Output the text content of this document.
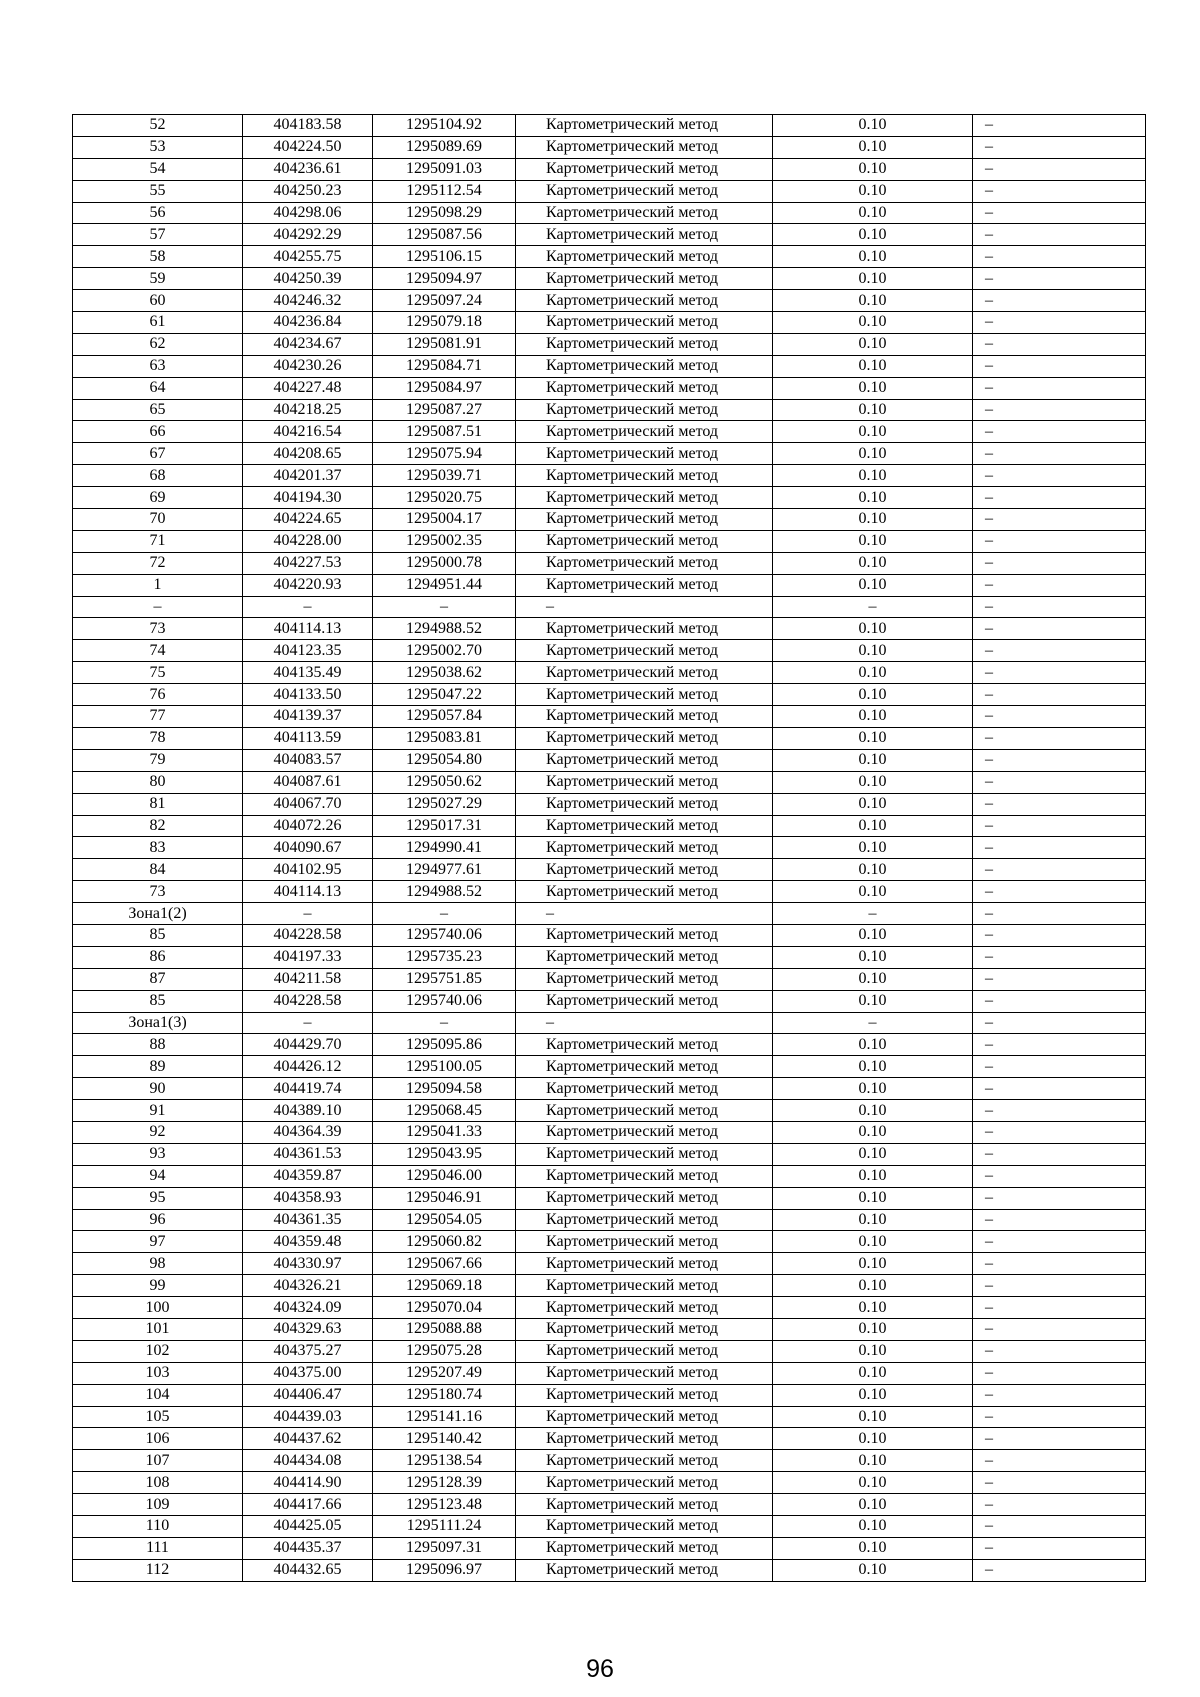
52	404183.58	1295104.92	Картометрический метод	0.10	–
53	404224.50	1295089.69	Картометрический метод	0.10	–
54	404236.61	1295091.03	Картометрический метод	0.10	–
55	404250.23	1295112.54	Картометрический метод	0.10	–
56	404298.06	1295098.29	Картометрический метод	0.10	–
57	404292.29	1295087.56	Картометрический метод	0.10	–
58	404255.75	1295106.15	Картометрический метод	0.10	–
59	404250.39	1295094.97	Картометрический метод	0.10	–
60	404246.32	1295097.24	Картометрический метод	0.10	–
61	404236.84	1295079.18	Картометрический метод	0.10	–
62	404234.67	1295081.91	Картометрический метод	0.10	–
63	404230.26	1295084.71	Картометрический метод	0.10	–
64	404227.48	1295084.97	Картометрический метод	0.10	–
65	404218.25	1295087.27	Картометрический метод	0.10	–
66	404216.54	1295087.51	Картометрический метод	0.10	–
67	404208.65	1295075.94	Картометрический метод	0.10	–
68	404201.37	1295039.71	Картометрический метод	0.10	–
69	404194.30	1295020.75	Картометрический метод	0.10	–
70	404224.65	1295004.17	Картометрический метод	0.10	–
71	404228.00	1295002.35	Картометрический метод	0.10	–
72	404227.53	1295000.78	Картометрический метод	0.10	–
1	404220.93	1294951.44	Картометрический метод	0.10	–
–	–	–	–	–	–
73	404114.13	1294988.52	Картометрический метод	0.10	–
74	404123.35	1295002.70	Картометрический метод	0.10	–
75	404135.49	1295038.62	Картометрический метод	0.10	–
76	404133.50	1295047.22	Картометрический метод	0.10	–
77	404139.37	1295057.84	Картометрический метод	0.10	–
78	404113.59	1295083.81	Картометрический метод	0.10	–
79	404083.57	1295054.80	Картометрический метод	0.10	–
80	404087.61	1295050.62	Картометрический метод	0.10	–
81	404067.70	1295027.29	Картометрический метод	0.10	–
82	404072.26	1295017.31	Картометрический метод	0.10	–
83	404090.67	1294990.41	Картометрический метод	0.10	–
84	404102.95	1294977.61	Картометрический метод	0.10	–
73	404114.13	1294988.52	Картометрический метод	0.10	–
Зона1(2)	–	–	–	–	–
85	404228.58	1295740.06	Картометрический метод	0.10	–
86	404197.33	1295735.23	Картометрический метод	0.10	–
87	404211.58	1295751.85	Картометрический метод	0.10	–
85	404228.58	1295740.06	Картометрический метод	0.10	–
Зона1(3)	–	–	–	–	–
88	404429.70	1295095.86	Картометрический метод	0.10	–
89	404426.12	1295100.05	Картометрический метод	0.10	–
90	404419.74	1295094.58	Картометрический метод	0.10	–
91	404389.10	1295068.45	Картометрический метод	0.10	–
92	404364.39	1295041.33	Картометрический метод	0.10	–
93	404361.53	1295043.95	Картометрический метод	0.10	–
94	404359.87	1295046.00	Картометрический метод	0.10	–
95	404358.93	1295046.91	Картометрический метод	0.10	–
96	404361.35	1295054.05	Картометрический метод	0.10	–
97	404359.48	1295060.82	Картометрический метод	0.10	–
98	404330.97	1295067.66	Картометрический метод	0.10	–
99	404326.21	1295069.18	Картометрический метод	0.10	–
100	404324.09	1295070.04	Картометрический метод	0.10	–
101	404329.63	1295088.88	Картометрический метод	0.10	–
102	404375.27	1295075.28	Картометрический метод	0.10	–
103	404375.00	1295207.49	Картометрический метод	0.10	–
104	404406.47	1295180.74	Картометрический метод	0.10	–
105	404439.03	1295141.16	Картометрический метод	0.10	–
106	404437.62	1295140.42	Картометрический метод	0.10	–
107	404434.08	1295138.54	Картометрический метод	0.10	–
108	404414.90	1295128.39	Картометрический метод	0.10	–
109	404417.66	1295123.48	Картометрический метод	0.10	–
110	404425.05	1295111.24	Картометрический метод	0.10	–
111	404435.37	1295097.31	Картометрический метод	0.10	–
112	404432.65	1295096.97	Картометрический метод	0.10	–
96
